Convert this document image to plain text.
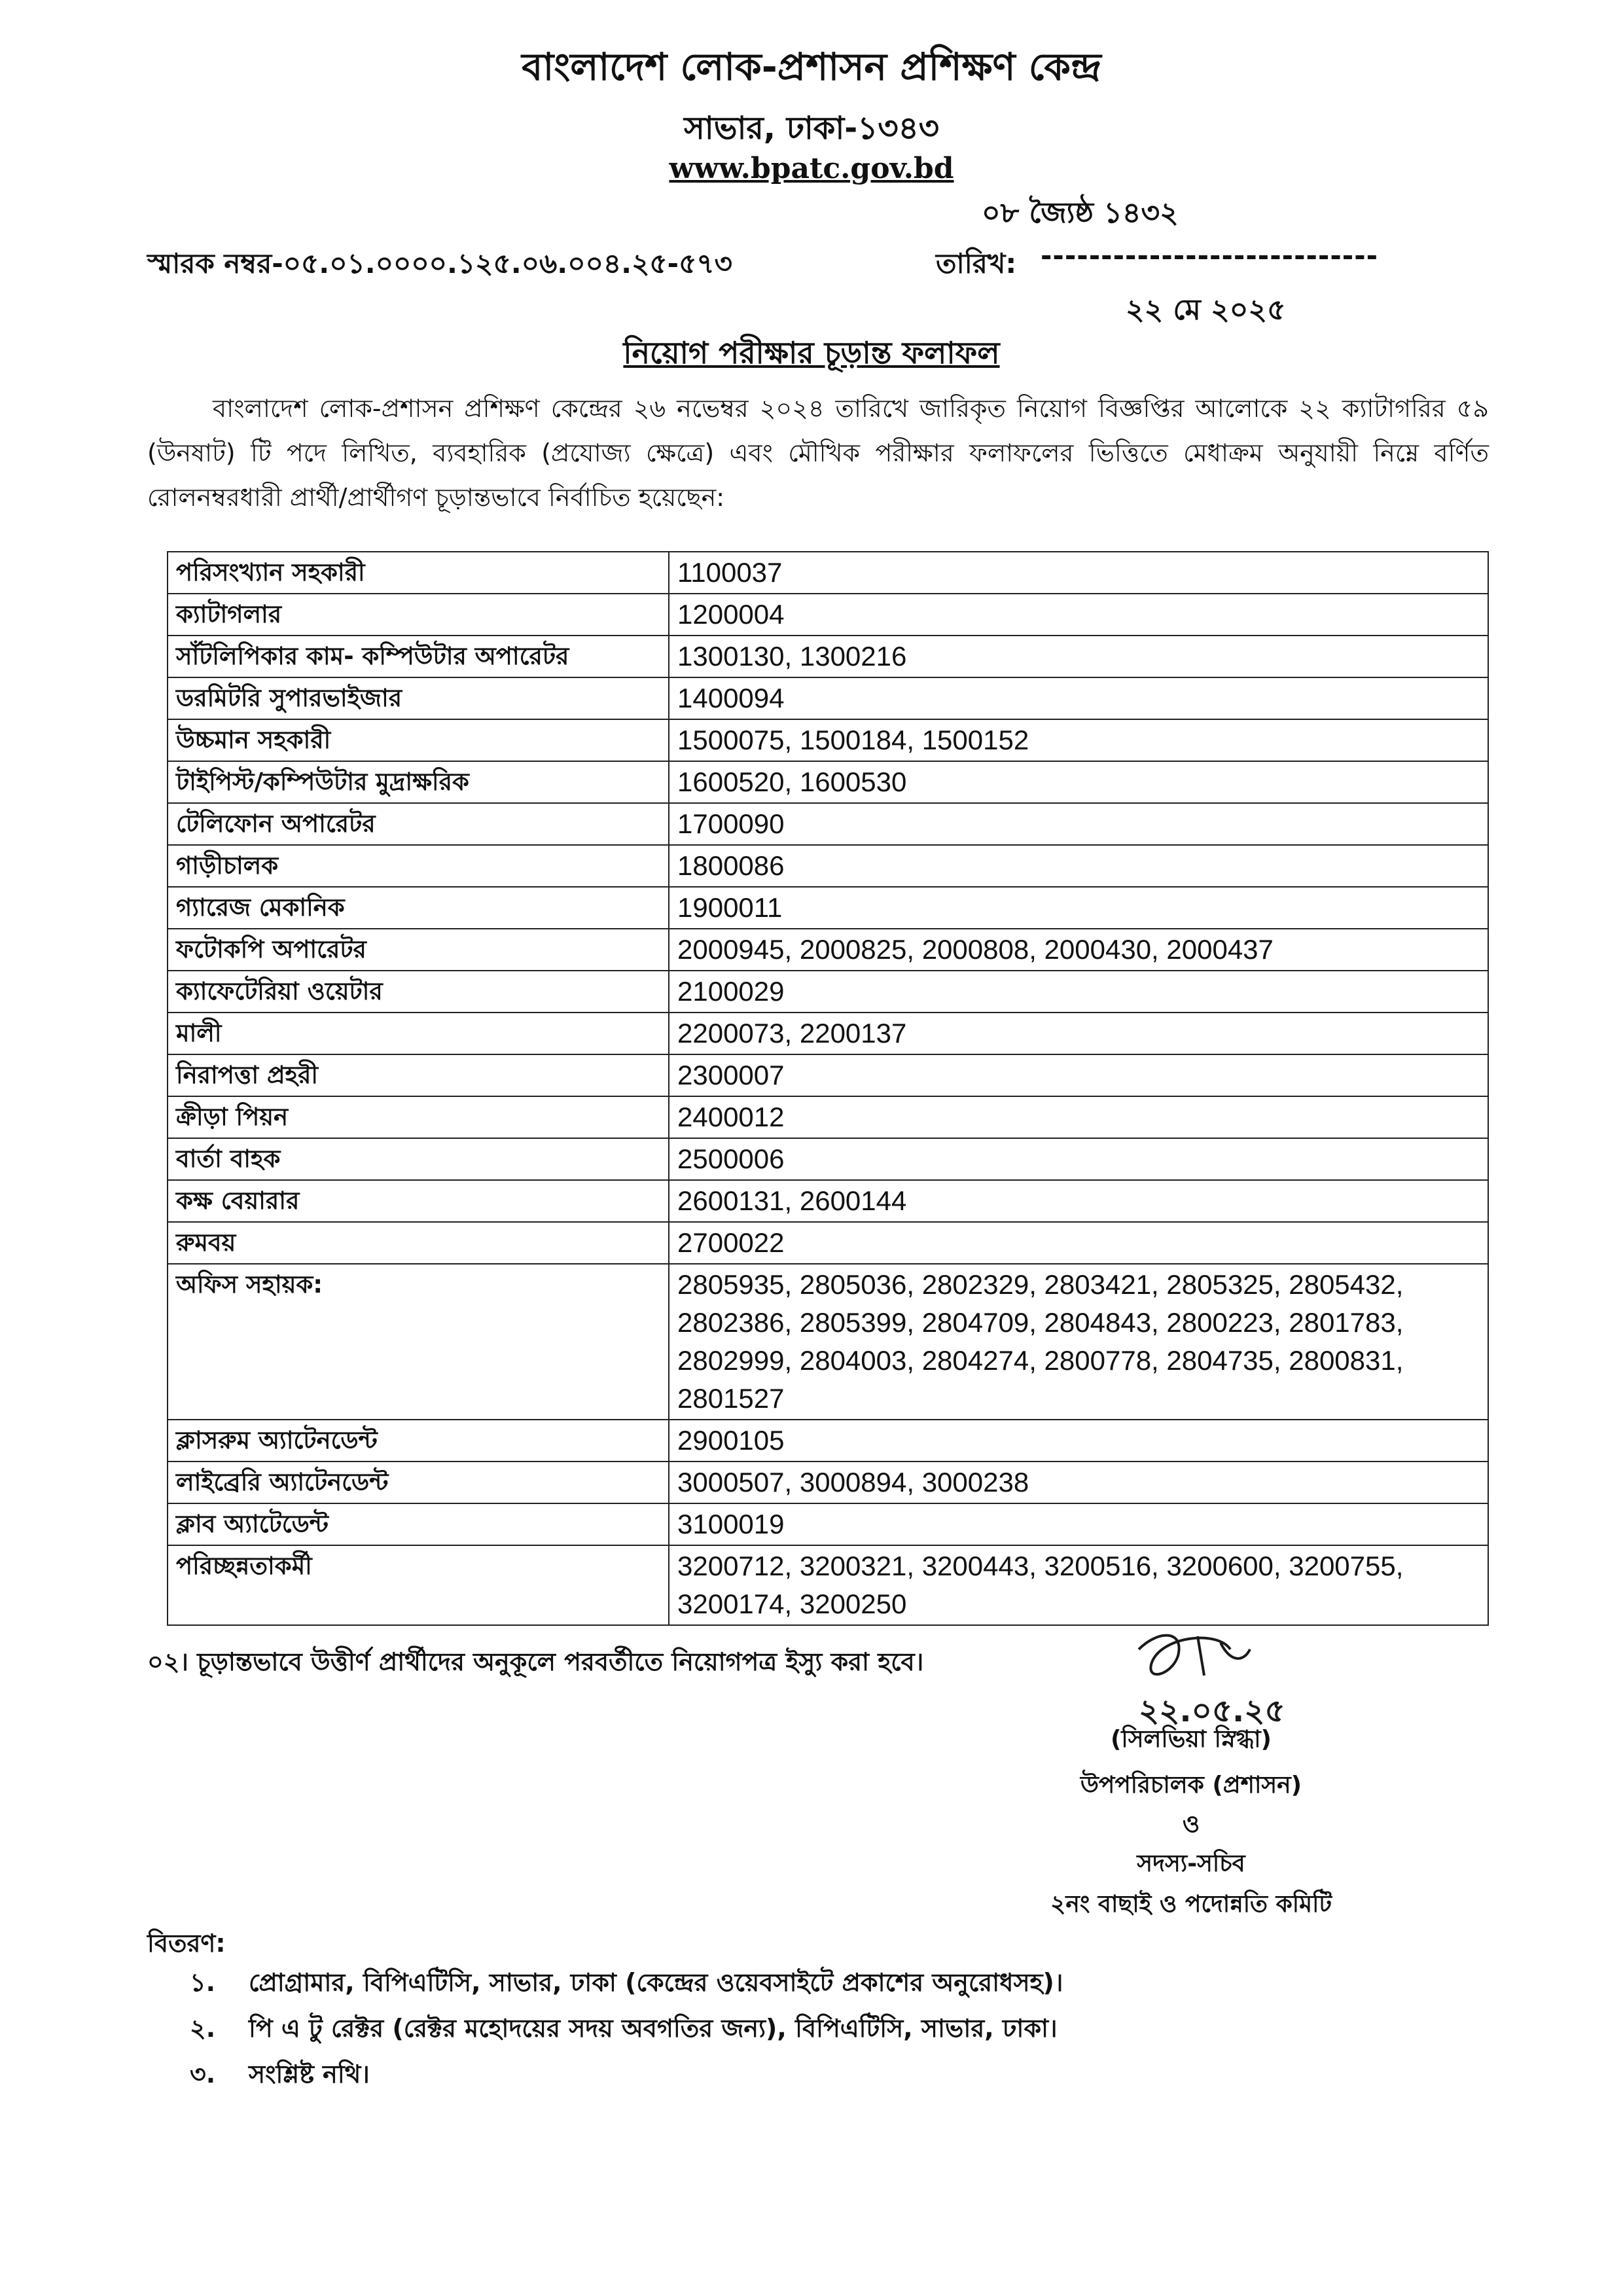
বাংলাদেশ লোক-প্রশাসন প্রশিক্ষণ কেন্দ্র
সাভার, ঢাকা-১৩৪৩
www.bpatc.gov.bd
০৮ জ্যৈষ্ঠ ১৪৩২
স্মারক নম্বর-০৫.০১.০০০০.১২৫.০৬.০০৪.২৫-৫৭৩	তারিখ: ----------------------------
২২ মে ২০২৫
নিয়োগ পরীক্ষার চূড়ান্ত ফলাফল
বাংলাদেশ লোক-প্রশাসন প্রশিক্ষণ কেন্দ্রের ২৬ নভেম্বর ২০২৪ তারিখে জারিকৃত নিয়োগ বিজ্ঞপ্তির আলোকে ২২ ক্যাটাগরির ৫৯ (উনষাট) টি পদে লিখিত, ব্যবহারিক (প্রযোজ্য ক্ষেত্রে) এবং মৌখিক পরীক্ষার ফলাফলের ভিত্তিতে মেধাক্রম অনুযায়ী নিম্নে বর্ণিত রোলনম্বরধারী প্রার্থী/প্রার্থীগণ চূড়ান্তভাবে নির্বাচিত হয়েছেন:
পরিসংখ্যান সহকারী	1100037
ক্যাটাগলার	1200004
সাঁটলিপিকার কাম- কম্পিউটার অপারেটর	1300130, 1300216
ডরমিটরি সুপারভাইজার	1400094
উচ্চমান সহকারী	1500075, 1500184, 1500152
টাইপিস্ট/কম্পিউটার মুদ্রাক্ষরিক	1600520, 1600530
টেলিফোন অপারেটর	1700090
গাড়ীচালক	1800086
গ্যারেজ মেকানিক	1900011
ফটোকপি অপারেটর	2000945, 2000825, 2000808, 2000430, 2000437
ক্যাফেটেরিয়া ওয়েটার	2100029
মালী	2200073, 2200137
নিরাপত্তা প্রহরী	2300007
ক্রীড়া পিয়ন	2400012
বার্তা বাহক	2500006
কক্ষ বেয়ারার	2600131, 2600144
রুমবয়	2700022
অফিস সহায়ক:	2805935, 2805036, 2802329, 2803421, 2805325, 2805432, 2802386, 2805399, 2804709, 2804843, 2800223, 2801783, 2802999, 2804003, 2804274, 2800778, 2804735, 2800831, 2801527
ক্লাসরুম অ্যাটেনডেন্ট	2900105
লাইব্রেরি অ্যাটেনডেন্ট	3000507, 3000894, 3000238
ক্লাব অ্যাটেডেন্ট	3100019
পরিচ্ছন্নতাকর্মী	3200712, 3200321, 3200443, 3200516, 3200600, 3200755, 3200174, 3200250
০২। চূড়ান্তভাবে উত্তীর্ণ প্রার্থীদের অনুকূলে পরবর্তীতে নিয়োগপত্র ইস্যু করা হবে।
২২.০৫.২৫
(সিলভিয়া স্নিগ্ধা)
উপপরিচালক (প্রশাসন)
ও
সদস্য-সচিব
২নং বাছাই ও পদোন্নতি কমিটি
বিতরণ:
১.	প্রোগ্রামার, বিপিএটিসি, সাভার, ঢাকা (কেন্দ্রের ওয়েবসাইটে প্রকাশের অনুরোধসহ)।
২.	পি এ টু রেক্টর (রেক্টর মহোদয়ের সদয় অবগতির জন্য), বিপিএটিসি, সাভার, ঢাকা।
৩.	সংশ্লিষ্ট নথি।
